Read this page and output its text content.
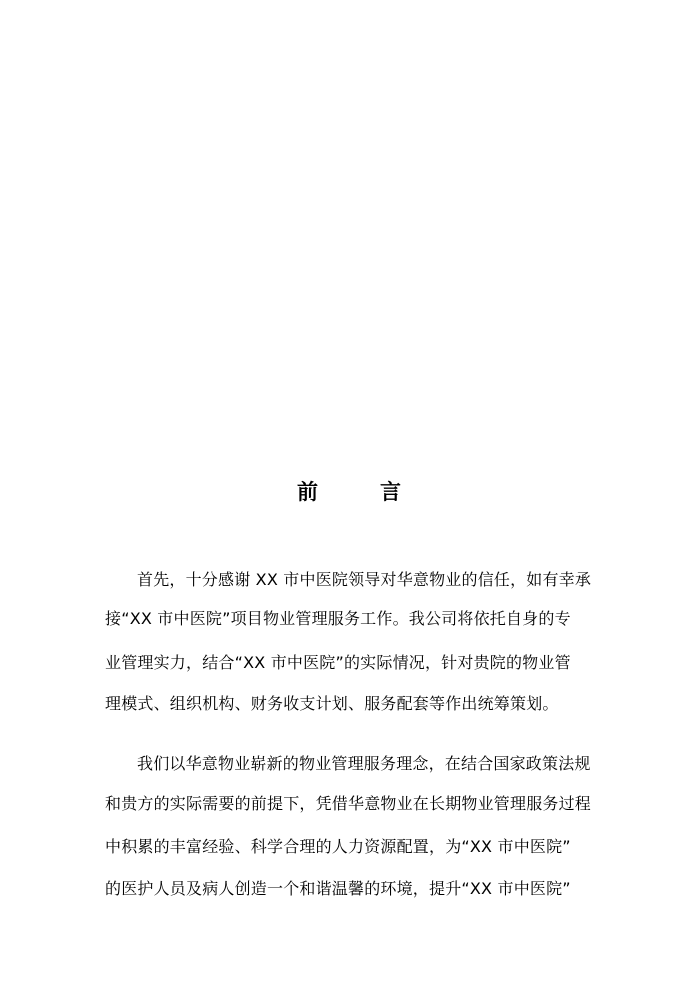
前	言
首先，十分感谢 XX 市中医院领导对华意物业的信任，如有幸承
接“XX 市中医院”项目物业管理服务工作。我公司将依托自身的专
业管理实力，结合“XX 市中医院”的实际情况，针对贵院的物业管
理模式、组织机构、财务收支计划、服务配套等作出统筹策划。
我们以华意物业崭新的物业管理服务理念，在结合国家政策法规
和贵方的实际需要的前提下，凭借华意物业在长期物业管理服务过程
中积累的丰富经验、科学合理的人力资源配置，为“XX 市中医院”
的医护人员及病人创造一个和谐温馨的环境，提升“XX 市中医院”
